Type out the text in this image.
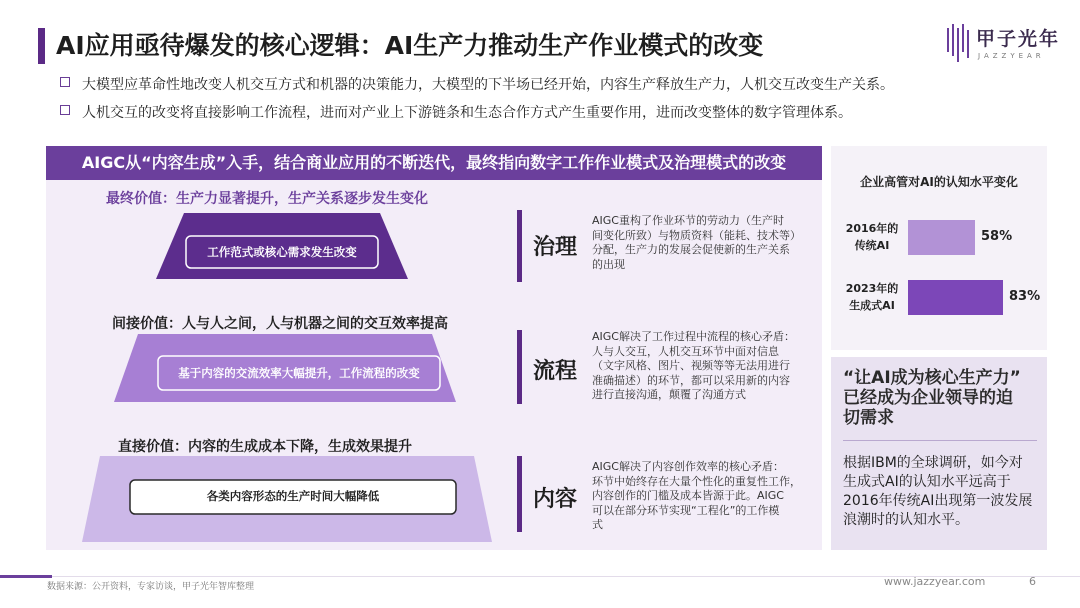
AI应用亟待爆发的核心逻辑：AI生产力推动生产作业模式的改变	甲子光年
JAZZYEAR
大模型应革命性地改变人机交互方式和机器的决策能力，大模型的下半场已经开始，内容生产释放生产力，人机交互改变生产关系。
人机交互的改变将直接影响工作流程，进而对产业上下游链条和生态合作方式产生重要作用，进而改变整体的数字管理体系。
AIGC从“内容生成”入手，结合商业应用的不断迭代，最终指向数字工作作业模式及治理模式的改变
最终价值：生产力显著提升，生产关系逐步发生变化
工作范式或核心需求发生改变
间接价值：人与人之间，人与机器之间的交互效率提高
基于内容的交流效率大幅提升，工作流程的改变
直接价值：内容的生成成本下降，生成效果提升
各类内容形态的生产时间大幅降低
治理
AIGC重构了作业环节的劳动力（生产时
间变化所致）与物质资料（能耗、技术等）
分配，生产力的发展会促使新的生产关系
的出现
流程
AIGC解决了工作过程中流程的核心矛盾：
人与人交互，人机交互环节中面对信息
（文字风格、图片、视频等等无法用进行
准确描述）的环节，都可以采用新的内容
进行直接沟通，颠覆了沟通方式
内容
AIGC解决了内容创作效率的核心矛盾：
环节中始终存在大量个性化的重复性工作，
内容创作的门槛及成本皆源于此。AIGC
可以在部分环节实现“工程化”的工作模
式
企业高管对AI的认知水平变化
2016年的
传统AI
58%
2023年的
生成式AI
83%
“让AI成为核心生产力”
已经成为企业领导的迫
切需求
根据IBM的全球调研，如今对
生成式AI的认知水平远高于
2016年传统AI出现第一波发展
浪潮时的认知水平。
数据来源：公开资料，专家访谈，甲子光年智库整理	www.jazzyear.com	6
